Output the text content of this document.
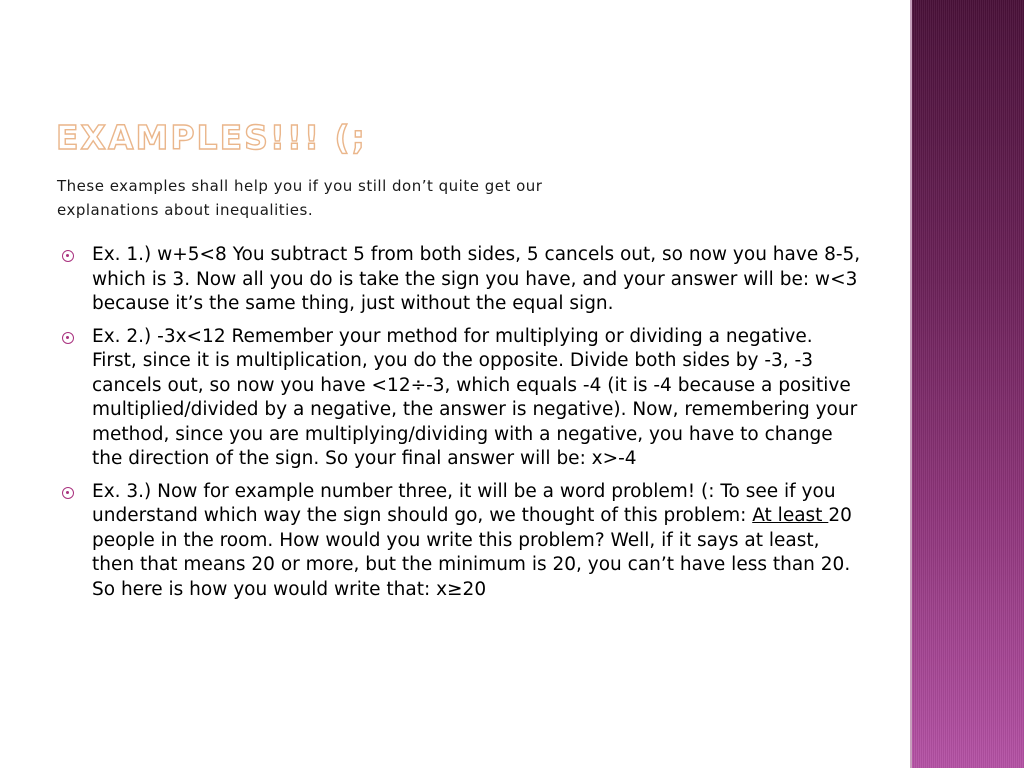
EXAMPLES!!! (;
These examples shall help you if you still don’t quite get our explanations about inequalities.
Ex. 1.) w+5<8 You subtract 5 from both sides, 5 cancels out, so now you have 8-5, which is 3. Now all you do is take the sign you have, and your answer will be: w<3 because it’s the same thing, just without the equal sign.
Ex. 2.) -3x<12 Remember your method for multiplying or dividing a negative. First, since it is multiplication, you do the opposite. Divide both sides by -3, -3 cancels out, so now you have <12÷-3, which equals -4 (it is -4 because a positive multiplied/divided by a negative, the answer is negative). Now, remembering your method, since you are multiplying/dividing with a negative, you have to change the direction of the sign. So your final answer will be: x>-4
Ex. 3.) Now for example number three, it will be a word problem! (: To see if you understand which way the sign should go, we thought of this problem: At least 20 people in the room. How would you write this problem? Well, if it says at least, then that means 20 or more, but the minimum is 20, you can’t have less than 20. So here is how you would write that: x≥20
